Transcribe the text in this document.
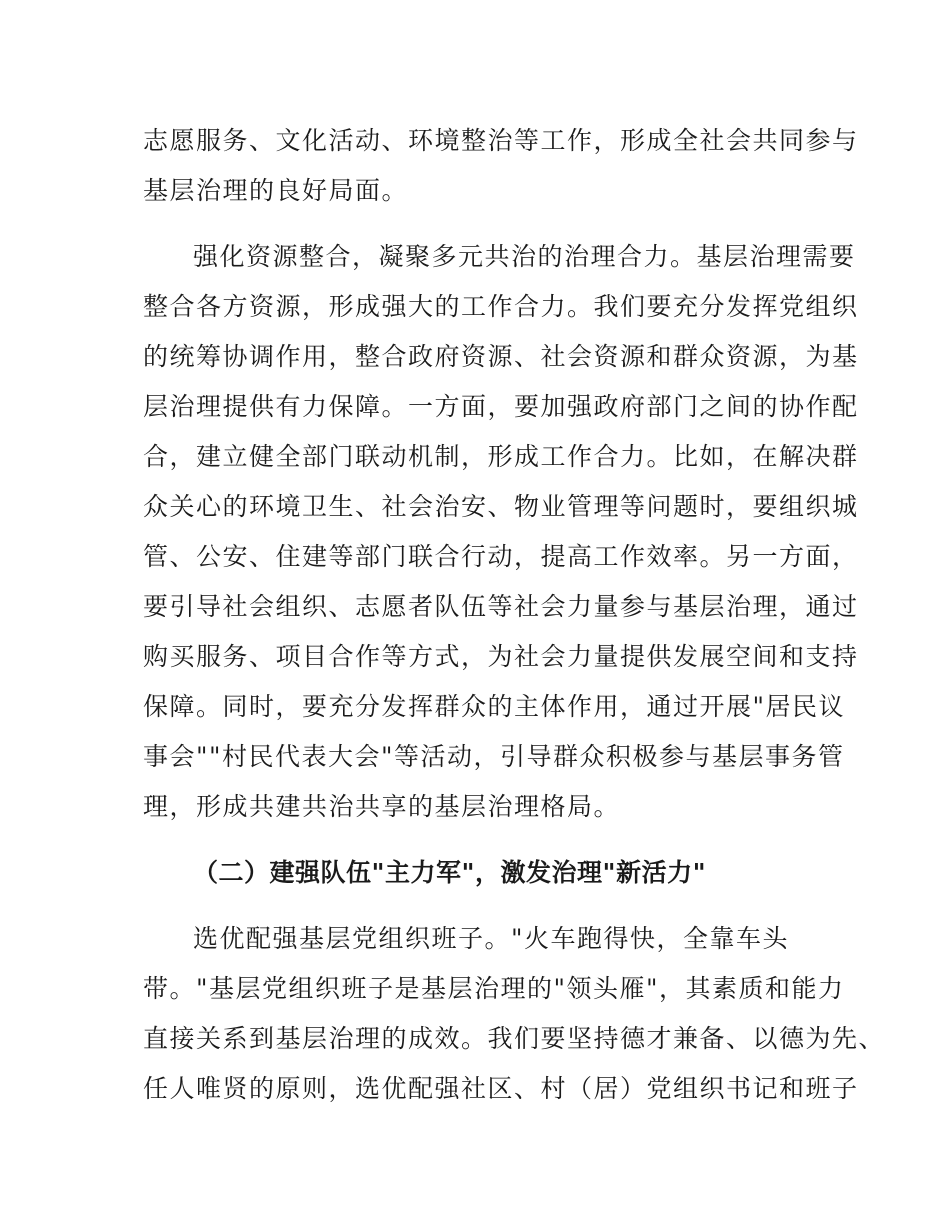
志愿服务、文化活动、环境整治等工作，形成全社会共同参与
基层治理的良好局面。
强化资源整合，凝聚多元共治的治理合力。基层治理需要
整合各方资源，形成强大的工作合力。我们要充分发挥党组织
的统筹协调作用，整合政府资源、社会资源和群众资源，为基
层治理提供有力保障。一方面，要加强政府部门之间的协作配
合，建立健全部门联动机制，形成工作合力。比如，在解决群
众关心的环境卫生、社会治安、物业管理等问题时，要组织城
管、公安、住建等部门联合行动，提高工作效率。另一方面，
要引导社会组织、志愿者队伍等社会力量参与基层治理，通过
购买服务、项目合作等方式，为社会力量提供发展空间和支持
保障。同时，要充分发挥群众的主体作用，通过开展"居民议
事会""村民代表大会"等活动，引导群众积极参与基层事务管
理，形成共建共治共享的基层治理格局。
（二）建强队伍"主力军"，激发治理"新活力"
选优配强基层党组织班子。"火车跑得快，全靠车头
带。"基层党组织班子是基层治理的"领头雁"，其素质和能力
直接关系到基层治理的成效。我们要坚持德才兼备、以德为先、
任人唯贤的原则，选优配强社区、村（居）党组织书记和班子
